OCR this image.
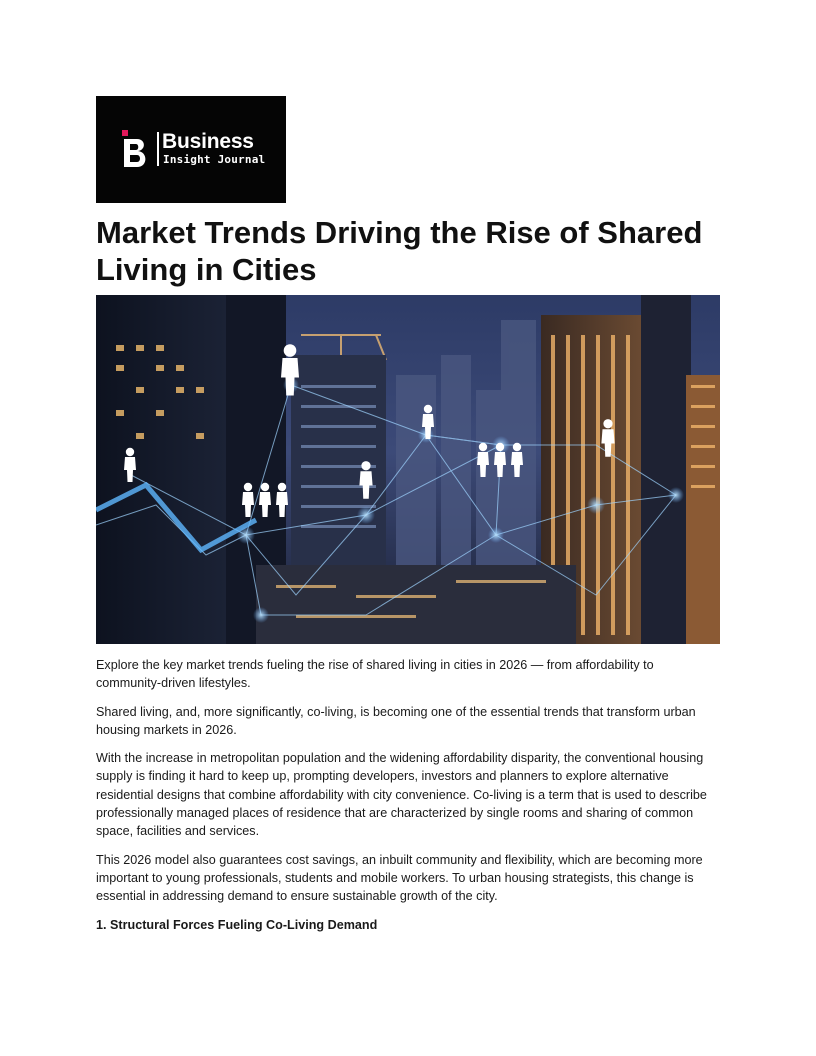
Business
Insight Journal
Market Trends Driving the Rise of Shared Living in Cities

Explore the key market trends fueling the rise of shared living in cities in 2026 — from affordability to community-driven lifestyles.

Shared living, and, more significantly, co-living, is becoming one of the essential trends that transform urban housing markets in 2026.

With the increase in metropolitan population and the widening affordability disparity, the conventional housing supply is finding it hard to keep up, prompting developers, investors and planners to explore alternative residential designs that combine affordability with city convenience. Co-living is a term that is used to describe professionally managed places of residence that are characterized by single rooms and sharing of common space, facilities and services.

This 2026 model also guarantees cost savings, an inbuilt community and flexibility, which are becoming more important to young professionals, students and mobile workers. To urban housing strategists, this change is essential in addressing demand to ensure sustainable growth of the city.

1. Structural Forces Fueling Co-Living Demand
